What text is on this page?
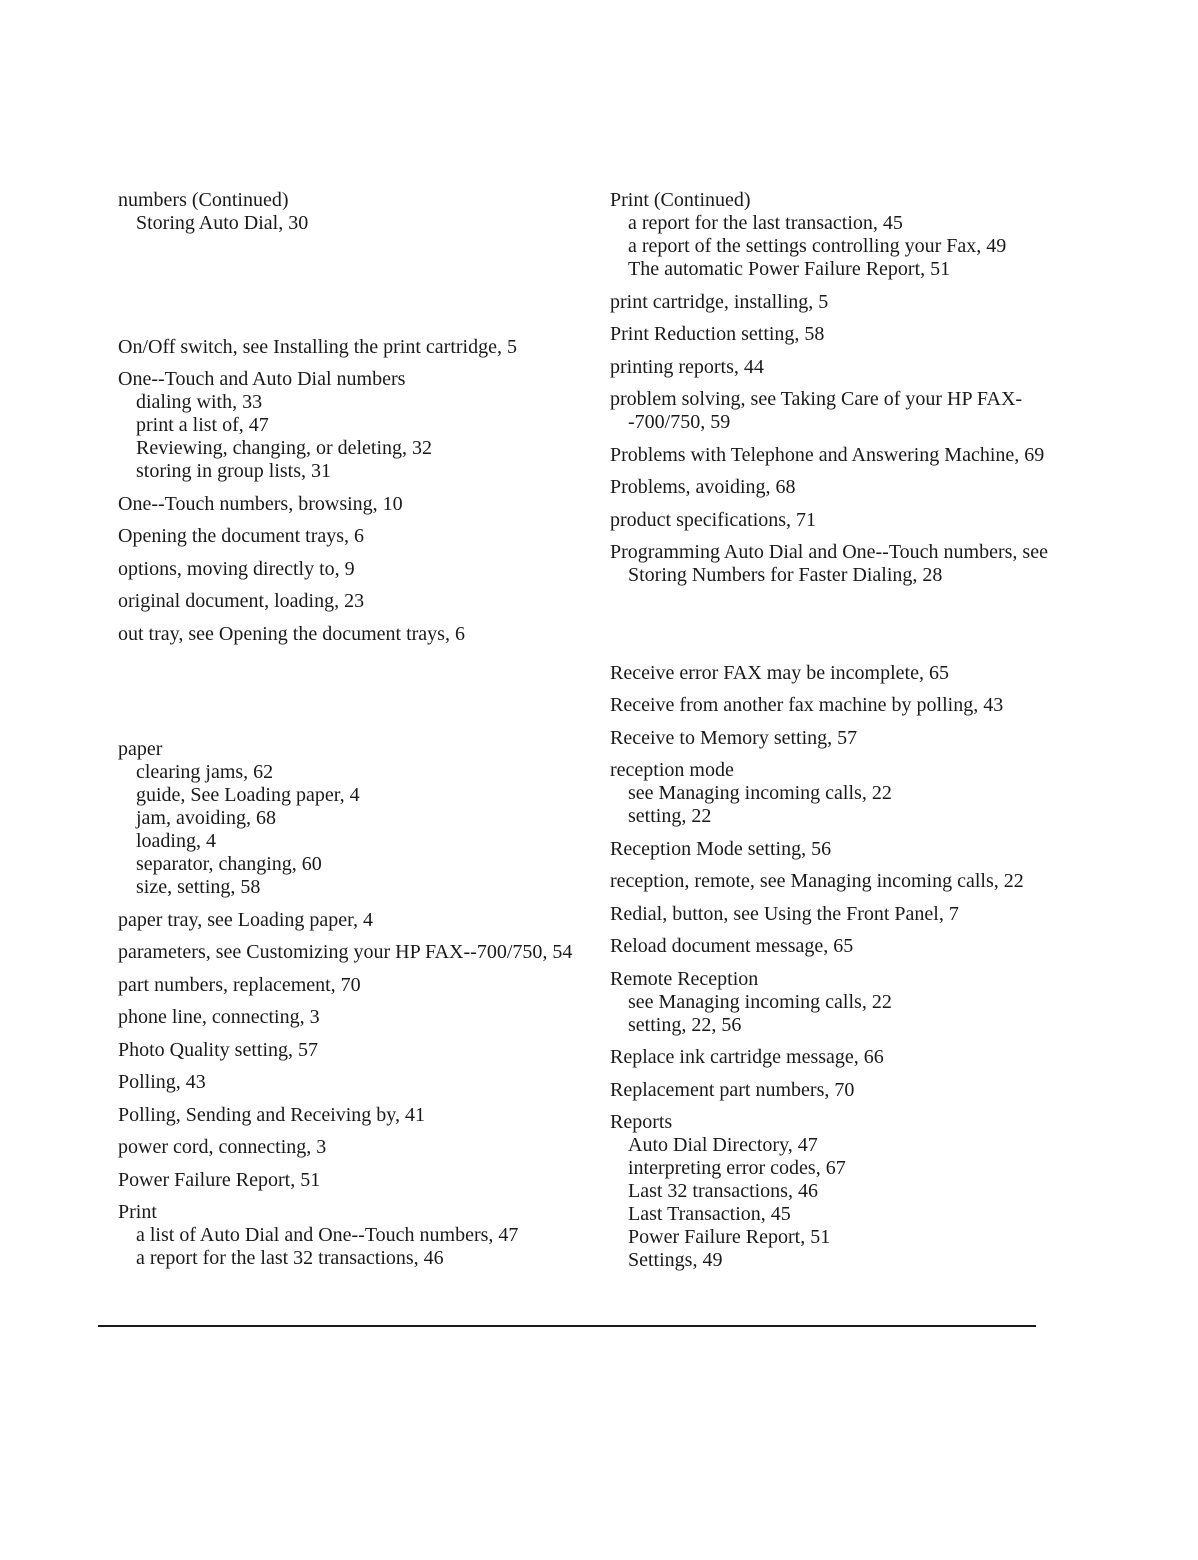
numbers (Continued)
Storing Auto Dial, 30
On/Off switch, see Installing the print cartridge, 5
One--Touch and Auto Dial numbers
dialing with, 33
print a list of, 47
Reviewing, changing, or deleting, 32
storing in group lists, 31
One--Touch numbers, browsing, 10
Opening the document trays, 6
options, moving directly to, 9
original document, loading, 23
out tray, see Opening the document trays, 6
paper
clearing jams, 62
guide, See Loading paper, 4
jam, avoiding, 68
loading, 4
separator, changing, 60
size, setting, 58
paper tray, see Loading paper, 4
parameters, see Customizing your HP FAX--700/750, 54
part numbers, replacement, 70
phone line, connecting, 3
Photo Quality setting, 57
Polling, 43
Polling, Sending and Receiving by, 41
power cord, connecting, 3
Power Failure Report, 51
Print
a list of Auto Dial and One--Touch numbers, 47
a report for the last 32 transactions, 46
Print (Continued)
a report for the last transaction, 45
a report of the settings controlling your Fax, 49
The automatic Power Failure Report, 51
print cartridge, installing, 5
Print Reduction setting, 58
printing reports, 44
problem solving, see Taking Care of your HP FAX--700/750, 59
Problems with Telephone and Answering Machine, 69
Problems, avoiding, 68
product specifications, 71
Programming Auto Dial and One--Touch numbers, see Storing Numbers for Faster Dialing, 28
Receive error FAX may be incomplete, 65
Receive from another fax machine by polling, 43
Receive to Memory setting, 57
reception mode
see Managing incoming calls, 22
setting, 22
Reception Mode setting, 56
reception, remote, see Managing incoming calls, 22
Redial, button, see Using the Front Panel, 7
Reload document message, 65
Remote Reception
see Managing incoming calls, 22
setting, 22, 56
Replace ink cartridge message, 66
Replacement part numbers, 70
Reports
Auto Dial Directory, 47
interpreting error codes, 67
Last 32 transactions, 46
Last Transaction, 45
Power Failure Report, 51
Settings, 49
